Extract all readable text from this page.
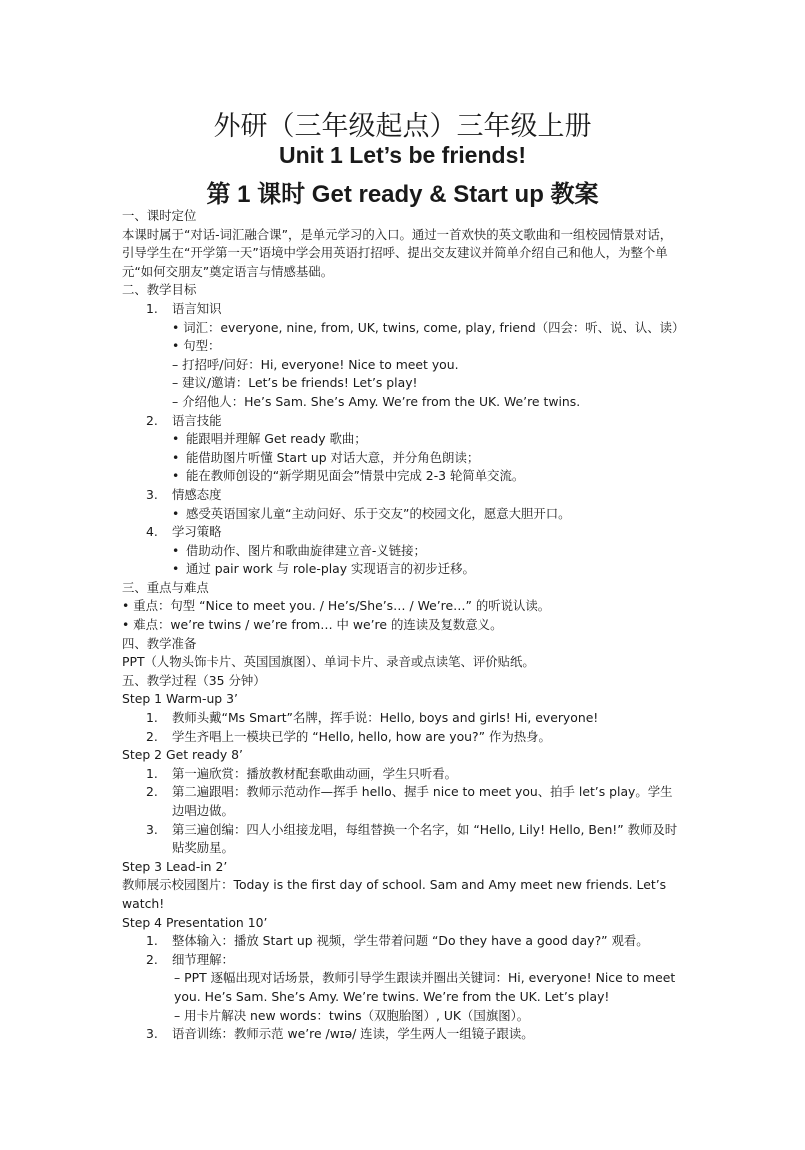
外研（三年级起点）三年级上册
Unit 1 Let’s be friends!
第 1 课时 Get ready & Start up 教案

一、课时定位

本课时属于“对话-词汇融合课”，是单元学习的入口。通过一首欢快的英文歌曲和一组校园情景对话，引导学生在“开学第一天”语境中学会用英语打招呼、提出交友建议并简单介绍自己和他人，为整个单元“如何交朋友”奠定语言与情感基础。

二、教学目标

1.	语言知识

• 词汇：everyone, nine, from, UK, twins, come, play, friend（四会：听、说、认、读）

• 句型：

– 打招呼/问好：Hi, everyone! Nice to meet you.

– 建议/邀请：Let’s be friends! Let’s play!

– 介绍他人：He’s Sam. She’s Amy. We’re from the UK. We’re twins.

2.	语言技能
• 能跟唱并理解 Get ready 歌曲；
• 能借助图片听懂 Start up 对话大意，并分角色朗读；
• 能在教师创设的“新学期见面会”情景中完成 2-3 轮简单交流。
3.	情感态度
• 感受英语国家儿童“主动问好、乐于交友”的校园文化，愿意大胆开口。
4.	学习策略
• 借助动作、图片和歌曲旋律建立音-义链接；
• 通过 pair work 与 role-play 实现语言的初步迁移。

三、重点与难点

• 重点：句型 “Nice to meet you. / He’s/She’s… / We’re…” 的听说认读。

• 难点：we’re twins / we’re from… 中 we’re 的连读及复数意义。

四、教学准备

PPT（人物头饰卡片、英国国旗图）、单词卡片、录音或点读笔、评价贴纸。

五、教学过程（35 分钟）

Step 1 Warm-up 3’

1.	教师头戴“Ms Smart”名牌，挥手说：Hello, boys and girls! Hi, everyone!
2.	学生齐唱上一模块已学的 “Hello, hello, how are you?” 作为热身。

Step 2 Get ready 8’

1.	第一遍欣赏：播放教材配套歌曲动画，学生只听看。
2.	第二遍跟唱：教师示范动作—挥手 hello、握手 nice to meet you、拍手 let’s play。学生边唱边做。
3.	第三遍创编：四人小组接龙唱，每组替换一个名字，如 “Hello, Lily! Hello, Ben!” 教师及时贴奖励星。

Step 3 Lead-in 2’

教师展示校园图片：Today is the first day of school. Sam and Amy meet new friends. Let’s watch!

Step 4 Presentation 10’

1.	整体输入：播放 Start up 视频，学生带着问题 “Do they have a good day?” 观看。
2.	细节理解：

– PPT 逐幅出现对话场景，教师引导学生跟读并圈出关键词：Hi, everyone! Nice to meet you. He’s Sam. She’s Amy. We’re twins. We’re from the UK. Let’s play!

– 用卡片解决 new words：twins（双胞胎图）, UK（国旗图）。

3.	语音训练：教师示范 we’re /wɪə/ 连读，学生两人一组镜子跟读。
